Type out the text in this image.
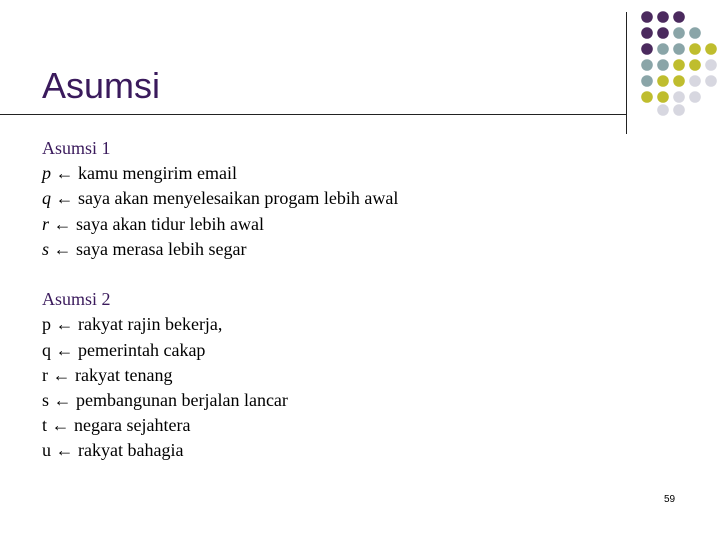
Asumsi
Asumsi 1
p ← kamu mengirim email
q ← saya akan menyelesaikan progam lebih awal
r ← saya akan tidur lebih awal
s ← saya merasa lebih segar
Asumsi 2
p ← rakyat rajin bekerja,
q ← pemerintah cakap
r ← rakyat tenang
s ← pembangunan berjalan lancar
t ← negara sejahtera
u ← rakyat bahagia
59
